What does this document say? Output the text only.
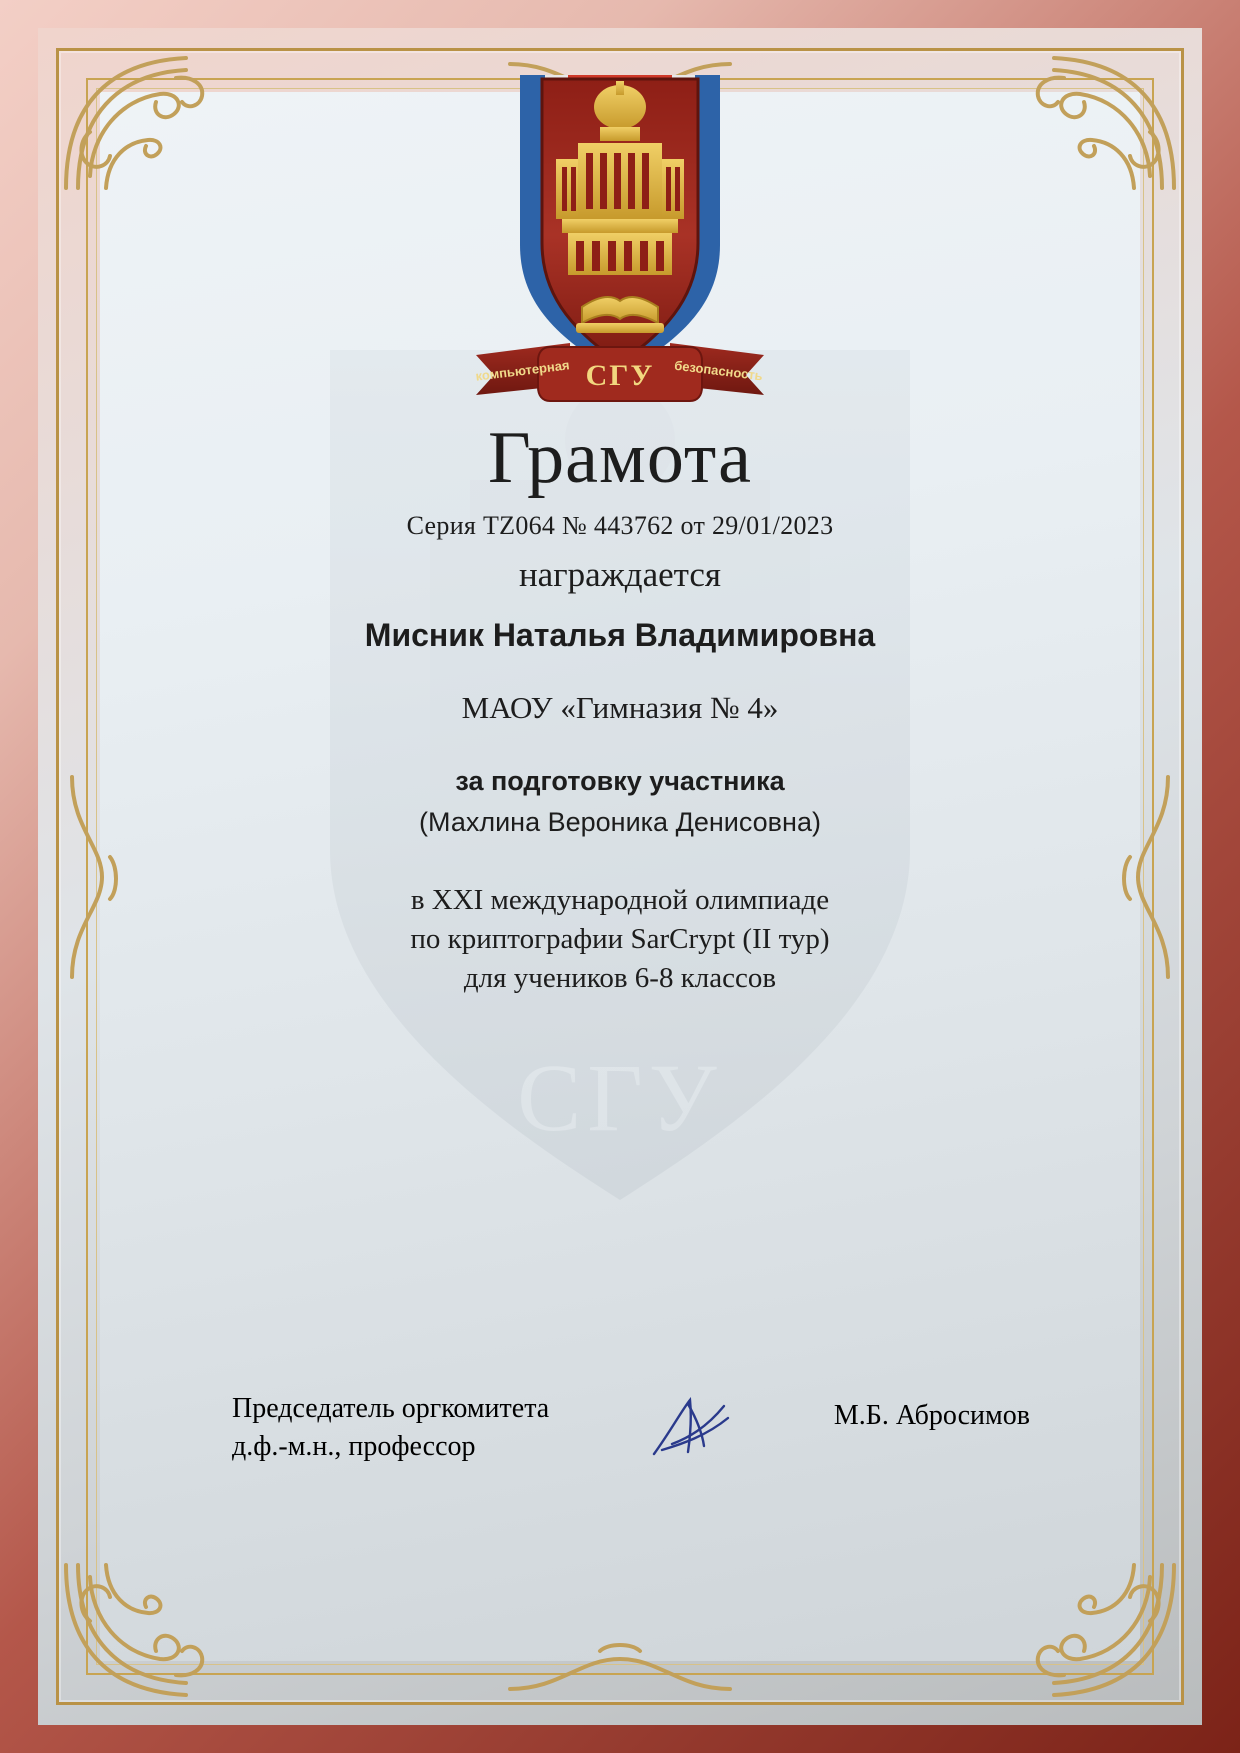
СГУ
компьютерная	безопасность
СГУ
Грамота
Серия TZ064 № 443762 от 29/01/2023
награждается
Мисник Наталья Владимировна
МАОУ «Гимназия № 4»
за подготовку участника
(Махлина Вероника Денисовна)
в XXI международной олимпиаде
по криптографии SarCrypt (II тур)
для учеников 6-8 классов
Председатель оргкомитета
д.ф.-м.н., профессор
М.Б. Абросимов
